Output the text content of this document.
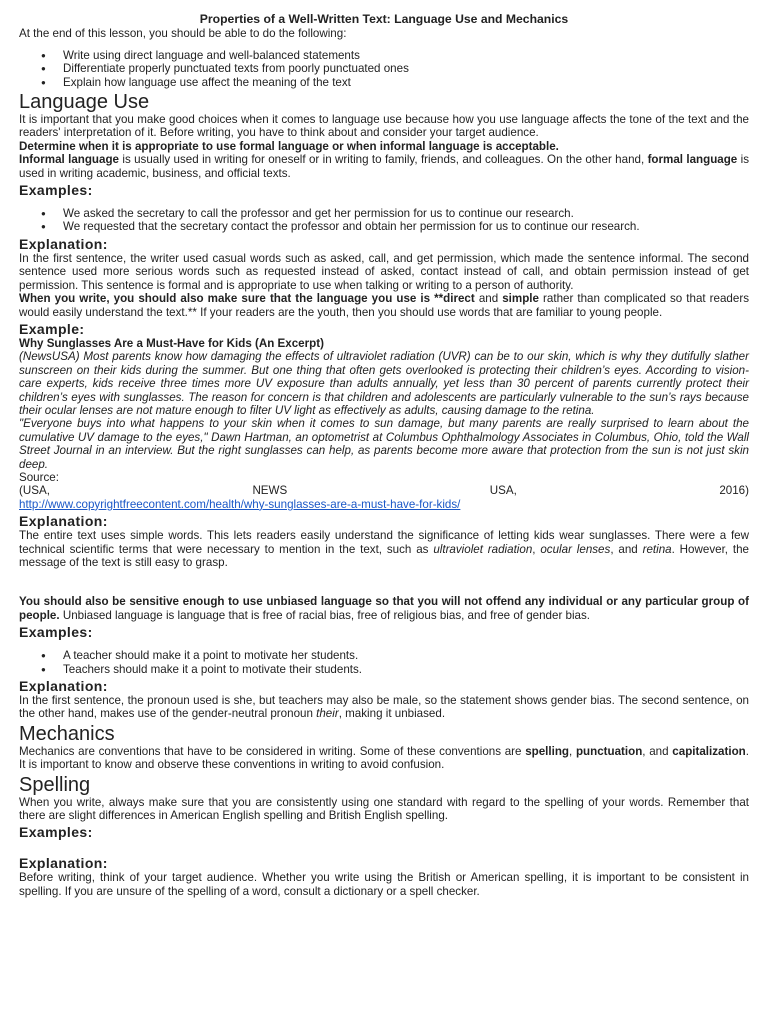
Properties of a Well-Written Text: Language Use and Mechanics

At the end of this lesson, you should be able to do the following:

● Write using direct language and well-balanced statements
● Differentiate properly punctuated texts from poorly punctuated ones
● Explain how language use affect the meaning of the text
Language Use

It is important that you make good choices when it comes to language use because how you use language affects the tone of the text and the readers' interpretation of it. Before writing, you have to think about and consider your target audience.

Determine when it is appropriate to use formal language or when informal language is acceptable.

Informal language is usually used in writing for oneself or in writing to family, friends, and colleagues. On the other hand, formal language is used in writing academic, business, and official texts.

Examples:
● We asked the secretary to call the professor and get her permission for us to continue our research.
● We requested that the secretary contact the professor and obtain her permission for us to continue our research.
Explanation:

In the first sentence, the writer used casual words such as asked, call, and get permission, which made the sentence informal. The second sentence used more serious words such as requested instead of asked, contact instead of call, and obtain permission instead of get permission. This sentence is formal and is appropriate to use when talking or writing to a person of authority.

When you write, you should also make sure that the language you use is **direct and simple rather than complicated so that readers would easily understand the text.** If your readers are the youth, then you should use words that are familiar to young people.

Example:

Why Sunglasses Are a Must-Have for Kids (An Excerpt)

(NewsUSA) Most parents know how damaging the effects of ultraviolet radiation (UVR) can be to our skin, which is why they dutifully slather sunscreen on their kids during the summer. But one thing that often gets overlooked is protecting their children’s eyes. According to vision-care experts, kids receive three times more UV exposure than adults annually, yet less than 30 percent of parents currently protect their children’s eyes with sunglasses. The reason for concern is that children and adolescents are particularly vulnerable to the sun’s rays because their ocular lenses are not mature enough to filter UV light as effectively as adults, causing damage to the retina.

"Everyone buys into what happens to your skin when it comes to sun damage, but many parents are really surprised to learn about the cumulative UV damage to the eyes," Dawn Hartman, an optometrist at Columbus Ophthalmology Associates in Columbus, Ohio, told the Wall Street Journal in an interview. But the right sunglasses can help, as parents become more aware that protection from the sun is not just skin deep.

Source:

(USA,	NEWS	USA,	2016)

http://www.copyrightfreecontent.com/health/why-sunglasses-are-a-must-have-for-kids/

Explanation:

The entire text uses simple words. This lets readers easily understand the significance of letting kids wear sunglasses. There were a few technical scientific terms that were necessary to mention in the text, such as ultraviolet radiation, ocular lenses, and retina. However, the message of the text is still easy to grasp.

You should also be sensitive enough to use unbiased language so that you will not offend any individual or any particular group of people. Unbiased language is language that is free of racial bias, free of religious bias, and free of gender bias.

Examples:
● A teacher should make it a point to motivate her students.
● Teachers should make it a point to motivate their students.
Explanation:

In the first sentence, the pronoun used is she, but teachers may also be male, so the statement shows gender bias. The second sentence, on the other hand, makes use of the gender-neutral pronoun their, making it unbiased.

Mechanics

Mechanics are conventions that have to be considered in writing. Some of these conventions are spelling, punctuation, and capitalization. It is important to know and observe these conventions in writing to avoid confusion.

Spelling

When you write, always make sure that you are consistently using one standard with regard to the spelling of your words. Remember that there are slight differences in American English spelling and British English spelling.

Examples:
Explanation:

Before writing, think of your target audience. Whether you write using the British or American spelling, it is important to be consistent in spelling. If you are unsure of the spelling of a word, consult a dictionary or a spell checker.
